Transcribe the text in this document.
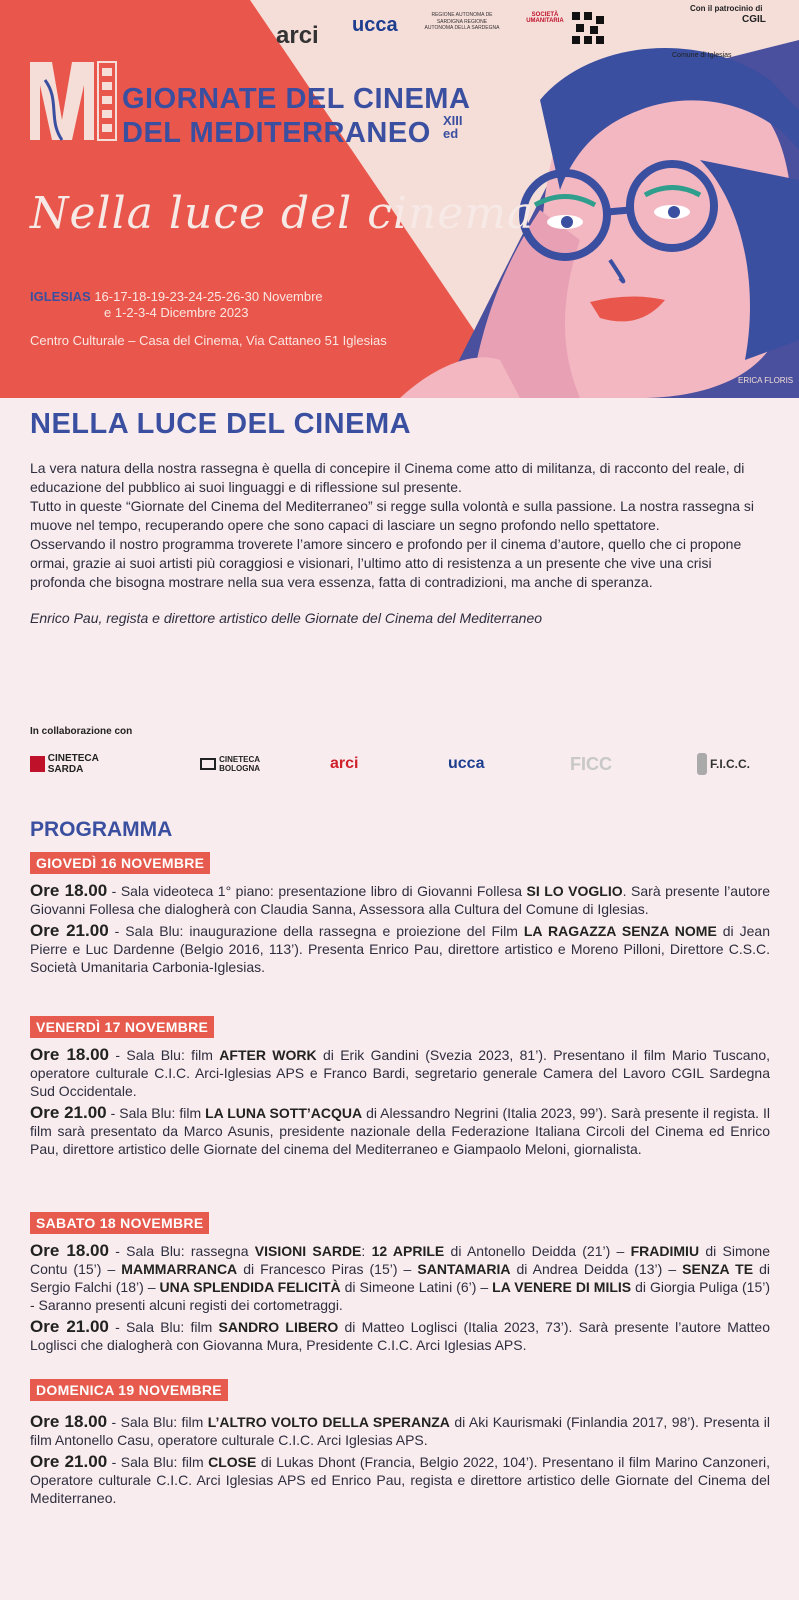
arci ucca	REGIONE AUTONOMA DE SARDIGNA REGIONE AUTONOMA DELLA SARDEGNA
SOCIETÀ UMANITARIA
Con il patrocinio di
Comune di Iglesias
CGIL
GIORNATE DEL CINEMA
DEL MEDITERRANEO XIII
ed
Nella luce del cinema
IGLESIAS 16-17-18-19-23-24-25-26-30 Novembre
e 1-2-3-4 Dicembre 2023
Centro Culturale – Casa del Cinema, Via Cattaneo 51 Iglesias
ERICA FLORIS
NELLA LUCE DEL CINEMA

La vera natura della nostra rassegna è quella di concepire il Cinema come atto di militanza, di racconto del reale, di educazione del pubblico ai suoi linguaggi e di riflessione sul presente.

Tutto in queste “Giornate del Cinema del Mediterraneo” si regge sulla volontà e sulla passione. La nostra rassegna si muove nel tempo, recuperando opere che sono capaci di lasciare un segno profondo nello spettatore.

Osservando il nostro programma troverete l’amore sincero e profondo per il cinema d’autore, quello che ci propone ormai, grazie ai suoi artisti più coraggiosi e visionari, l’ultimo atto di resistenza a un presente che vive una crisi profonda che bisogna mostrare nella sua vera essenza, fatta di contradizioni, ma anche di speranza.

Enrico Pau, regista e direttore artistico delle Giornate del Cinema del Mediterraneo

In collaborazione con
CINETECA SARDA
CINETECA BOLOGNA	arci	ucca	FICC	F.I.C.C.
PROGRAMMA
GIOVEDÌ 16 NOVEMBRE
Ore 18.00 - Sala videoteca 1° piano: presentazione libro di Giovanni Follesa SI LO VOGLIO. Sarà presente l’autore Giovanni Follesa che dialogherà con Claudia Sanna, Assessora alla Cultura del Comune di Iglesias.
Ore 21.00 - Sala Blu: inaugurazione della rassegna e proiezione del Film LA RAGAZZA SENZA NOME di Jean Pierre e Luc Dardenne (Belgio 2016, 113’). Presenta Enrico Pau, direttore artistico e Moreno Pilloni, Direttore C.S.C. Società Umanitaria Carbonia-Iglesias.
VENERDÌ 17 NOVEMBRE
Ore 18.00 - Sala Blu: film AFTER WORK di Erik Gandini (Svezia 2023, 81’). Presentano il film Mario Tuscano, operatore culturale C.I.C. Arci-Iglesias APS e Franco Bardi, segretario generale Camera del Lavoro CGIL Sardegna Sud Occidentale.
Ore 21.00 - Sala Blu: film LA LUNA SOTT’ACQUA di Alessandro Negrini (Italia 2023, 99’). Sarà presente il regista. Il film sarà presentato da Marco Asunis, presidente nazionale della Federazione Italiana Circoli del Cinema ed Enrico Pau, direttore artistico delle Giornate del cinema del Mediterraneo e Giampaolo Meloni, giornalista.
SABATO 18 NOVEMBRE
Ore 18.00 - Sala Blu: rassegna VISIONI SARDE: 12 APRILE di Antonello Deidda (21’) – FRADIMIU di Simone Contu (15’) – MAMMARRANCA di Francesco Piras (15’) – SANTAMARIA di Andrea Deidda (13’) – SENZA TE di Sergio Falchi (18’) – UNA SPLENDIDA FELICITÀ di Simeone Latini (6’) – LA VENERE DI MILIS di Giorgia Puliga (15’) - Saranno presenti alcuni registi dei cortometraggi.
Ore 21.00 - Sala Blu: film SANDRO LIBERO di Matteo Loglisci (Italia 2023, 73’). Sarà presente l’autore Matteo Loglisci che dialogherà con Giovanna Mura, Presidente C.I.C. Arci Iglesias APS.
DOMENICA 19 NOVEMBRE
Ore 18.00 - Sala Blu: film L’ALTRO VOLTO DELLA SPERANZA di Aki Kaurismaki (Finlandia 2017, 98’). Presenta il film Antonello Casu, operatore culturale C.I.C. Arci Iglesias APS.
Ore 21.00 - Sala Blu: film CLOSE di Lukas Dhont (Francia, Belgio 2022, 104’). Presentano il film Marino Canzoneri, Operatore culturale C.I.C. Arci Iglesias APS ed Enrico Pau, regista e direttore artistico delle Giornate del Cinema del Mediterraneo.
